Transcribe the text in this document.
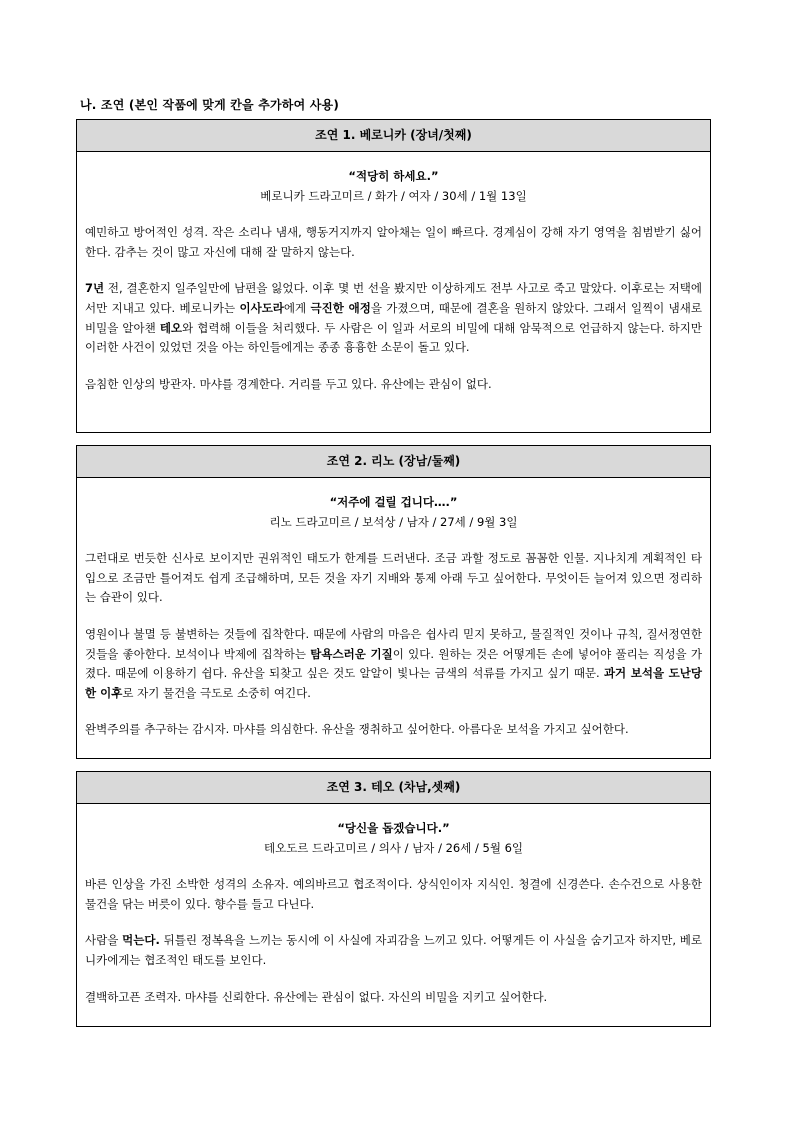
나. 조연 (본인 작품에 맞게 칸을 추가하여 사용)
조연 1. 베로니카 (장녀/첫째)
“적당히 하세요.”
베로니카 드라고미르 / 화가 / 여자 / 30세 / 1월 13일
예민하고 방어적인 성격. 작은 소리나 냄새, 행동거지까지 알아채는 일이 빠르다. 경계심이 강해 자기 영역을 침범받기 싫어한다. 감추는 것이 많고 자신에 대해 잘 말하지 않는다.
7년 전, 결혼한지 일주일만에 남편을 잃었다. 이후 몇 번 선을 봤지만 이상하게도 전부 사고로 죽고 말았다. 이후로는 저택에서만 지내고 있다. 베로니카는 이사도라에게 극진한 애정을 가졌으며, 때문에 결혼을 원하지 않았다. 그래서 일찍이 냄새로 비밀을 알아챈 테오와 협력해 이들을 처리했다. 두 사람은 이 일과 서로의 비밀에 대해 암묵적으로 언급하지 않는다. 하지만 이러한 사건이 있었던 것을 아는 하인들에게는 종종 흉흉한 소문이 돌고 있다.
음침한 인상의 방관자. 마샤를 경계한다. 거리를 두고 있다. 유산에는 관심이 없다.
조연 2. 리노 (장남/둘째)
“저주에 걸릴 겁니다….”
리노 드라고미르 / 보석상 / 남자 / 27세 / 9월 3일
그런대로 번듯한 신사로 보이지만 권위적인 태도가 한계를 드러낸다. 조금 과할 정도로 꼼꼼한 인물. 지나치게 계획적인 타입으로 조금만 틀어져도 쉽게 조급해하며, 모든 것을 자기 지배와 통제 아래 두고 싶어한다. 무엇이든 늘어져 있으면 정리하는 습관이 있다.
영원이나 불멸 등 불변하는 것들에 집착한다. 때문에 사람의 마음은 쉽사리 믿지 못하고, 물질적인 것이나 규칙, 질서정연한 것들을 좋아한다. 보석이나 박제에 집착하는 탐욕스러운 기질이 있다. 원하는 것은 어떻게든 손에 넣어야 풀리는 직성을 가졌다. 때문에 이용하기 쉽다. 유산을 되찾고 싶은 것도 알알이 빛나는 금색의 석류를 가지고 싶기 때문. 과거 보석을 도난당한 이후로 자기 물건을 극도로 소중히 여긴다.
완벽주의를 추구하는 감시자. 마샤를 의심한다. 유산을 쟁취하고 싶어한다. 아름다운 보석을 가지고 싶어한다.
조연 3. 테오 (차남,셋째)
“당신을 돕겠습니다.”
테오도르 드라고미르 / 의사 / 남자 / 26세 / 5월 6일
바른 인상을 가진 소박한 성격의 소유자. 예의바르고 협조적이다. 상식인이자 지식인. 청결에 신경쓴다. 손수건으로 사용한 물건을 닦는 버릇이 있다. 향수를 들고 다닌다.
사람을 먹는다. 뒤틀린 정복욕을 느끼는 동시에 이 사실에 자괴감을 느끼고 있다. 어떻게든 이 사실을 숨기고자 하지만, 베로니카에게는 협조적인 태도를 보인다.
결백하고픈 조력자. 마샤를 신뢰한다. 유산에는 관심이 없다. 자신의 비밀을 지키고 싶어한다.
